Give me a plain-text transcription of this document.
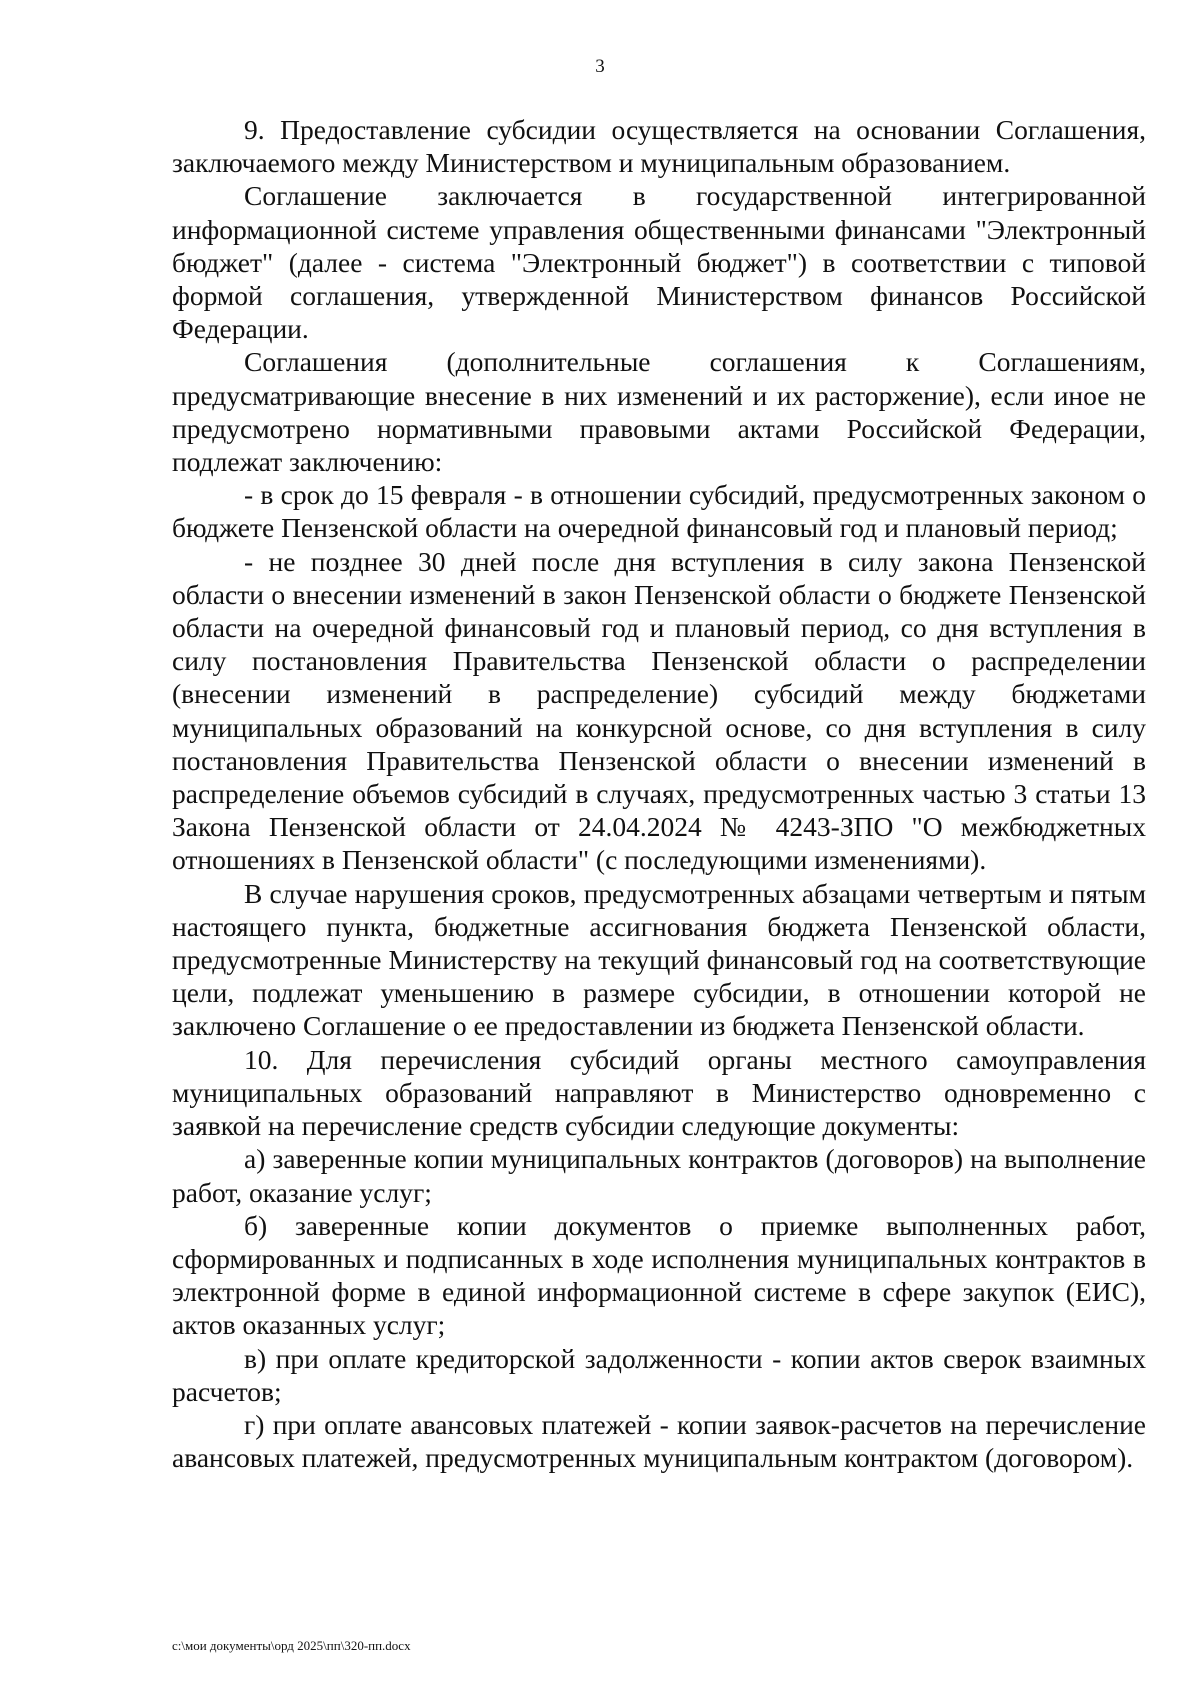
3

9. Предоставление субсидии осуществляется на основании Соглашения, заключаемого между Министерством и муниципальным образованием.

Соглашение заключается в государственной интегрированной информационной системе управления общественными финансами "Электронный бюджет" (далее - система "Электронный бюджет") в соответствии с типовой формой соглашения, утвержденной Министерством финансов Российской Федерации.

Соглашения (дополнительные соглашения к Соглашениям, предусматривающие внесение в них изменений и их расторжение), если иное не предусмотрено нормативными правовыми актами Российской Федерации, подлежат заключению:

- в срок до 15 февраля - в отношении субсидий, предусмотренных законом о бюджете Пензенской области на очередной финансовый год и плановый период;

- не позднее 30 дней после дня вступления в силу закона Пензенской области о внесении изменений в закон Пензенской области о бюджете Пензенской области на очередной финансовый год и плановый период, со дня вступления в силу постановления Правительства Пензенской области о распределении (внесении изменений в распределение) субсидий между бюджетами муниципальных образований на конкурсной основе, со дня вступления в силу постановления Правительства Пензенской области о внесении изменений в распределение объемов субсидий в случаях, предусмотренных частью 3 статьи 13 Закона Пензенской области от 24.04.2024 № 4243-ЗПО "О межбюджетных отношениях в Пензенской области" (с последующими изменениями).

В случае нарушения сроков, предусмотренных абзацами четвертым и пятым настоящего пункта, бюджетные ассигнования бюджета Пензенской области, предусмотренные Министерству на текущий финансовый год на соответствующие цели, подлежат уменьшению в размере субсидии, в отношении которой не заключено Соглашение о ее предоставлении из бюджета Пензенской области.

10. Для перечисления субсидий органы местного самоуправления муниципальных образований направляют в Министерство одновременно с заявкой на перечисление средств субсидии следующие документы:

а) заверенные копии муниципальных контрактов (договоров) на выполнение работ, оказание услуг;

б) заверенные копии документов о приемке выполненных работ, сформированных и подписанных в ходе исполнения муниципальных контрактов в электронной форме в единой информационной системе в сфере закупок (ЕИС), актов оказанных услуг;

в) при оплате кредиторской задолженности - копии актов сверок взаимных расчетов;

г) при оплате авансовых платежей - копии заявок-расчетов на перечисление авансовых платежей, предусмотренных муниципальным контрактом (договором).

c:\мои документы\орд 2025\пп\320-пп.docx
